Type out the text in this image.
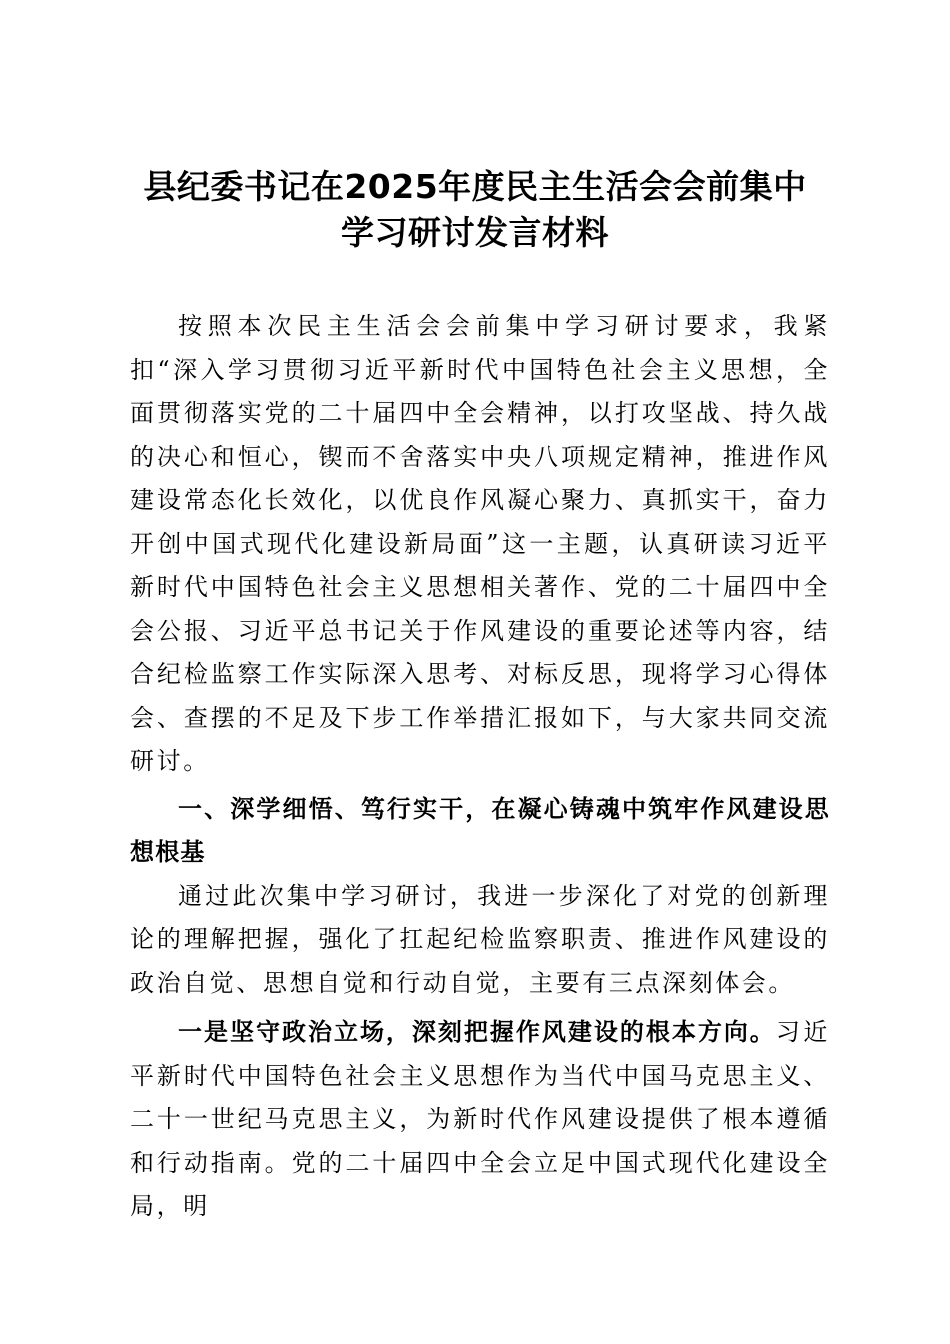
县纪委书记在2025年度民主生活会会前集中
学习研讨发言材料

按照本次民主生活会会前集中学习研讨要求，我紧扣“深入学习贯彻习近平新时代中国特色社会主义思想，全面贯彻落实党的二十届四中全会精神，以打攻坚战、持久战的决心和恒心，锲而不舍落实中央八项规定精神，推进作风建设常态化长效化，以优良作风凝心聚力、真抓实干，奋力开创中国式现代化建设新局面”这一主题，认真研读习近平新时代中国特色社会主义思想相关著作、党的二十届四中全会公报、习近平总书记关于作风建设的重要论述等内容，结合纪检监察工作实际深入思考、对标反思，现将学习心得体会、查摆的不足及下步工作举措汇报如下，与大家共同交流研讨。

一、深学细悟、笃行实干，在凝心铸魂中筑牢作风建设思想根基

通过此次集中学习研讨，我进一步深化了对党的创新理论的理解把握，强化了扛起纪检监察职责、推进作风建设的政治自觉、思想自觉和行动自觉，主要有三点深刻体会。

一是坚守政治立场，深刻把握作风建设的根本方向。习近平新时代中国特色社会主义思想作为当代中国马克思主义、二十一世纪马克思主义，为新时代作风建设提供了根本遵循和行动指南。党的二十届四中全会立足中国式现代化建设全局，明
